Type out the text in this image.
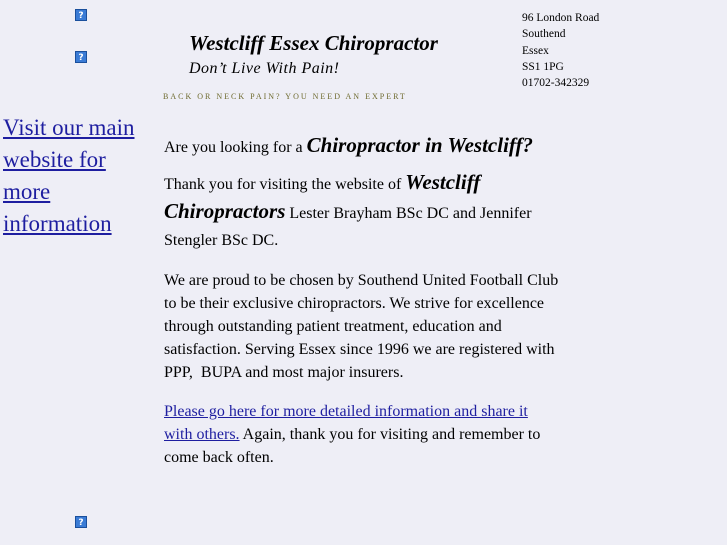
?
?
?
Westcliff Essex Chiropractor
Don’t Live With Pain!
BACK OR NECK PAIN? YOU NEED AN EXPERT
96 London Road
Southend
Essex
SS1 1PG
01702-342329
Visit our main website for more information

Are you looking for a Chiropractor in Westcliff?

Thank you for visiting the website of Westcliff Chiropractors Lester Brayham BSc DC and Jennifer Stengler BSc DC.

We are proud to be chosen by Southend United Football Club to be their exclusive chiropractors. We strive for excellence through outstanding patient treatment, education and satisfaction. Serving Essex since 1996 we are registered with PPP,  BUPA and most major insurers.

Please go here for more detailed information and share it with others. Again, thank you for visiting and remember to come back often.
